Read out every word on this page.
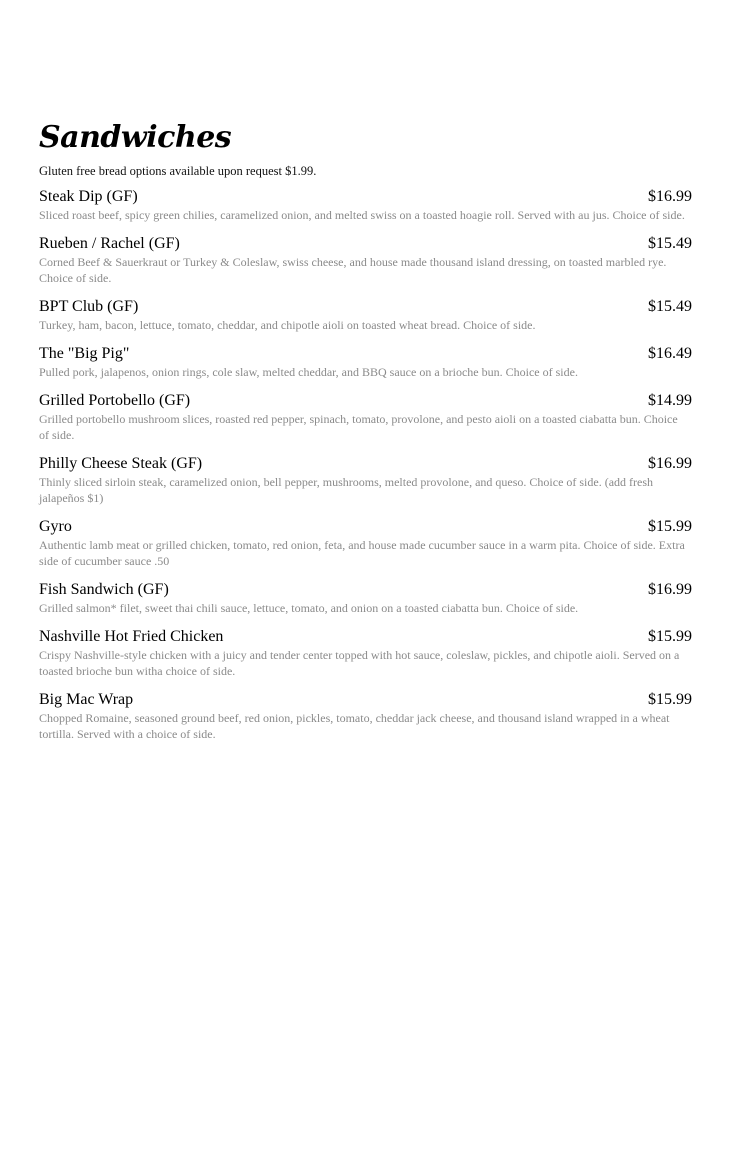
Sandwiches
Gluten free bread options available upon request $1.99.
Steak Dip (GF)	$16.99
Sliced roast beef, spicy green chilies, caramelized onion, and melted swiss on a toasted hoagie roll. Served with au jus. Choice of side.
Rueben / Rachel (GF)	$15.49
Corned Beef & Sauerkraut or Turkey & Coleslaw, swiss cheese, and house made thousand island dressing, on toasted marbled rye. Choice of side.
BPT Club (GF)	$15.49
Turkey, ham, bacon, lettuce, tomato, cheddar, and chipotle aioli on toasted wheat bread. Choice of side.
The "Big Pig"	$16.49
Pulled pork, jalapenos, onion rings, cole slaw, melted cheddar, and BBQ sauce on a brioche bun. Choice of side.
Grilled Portobello (GF)	$14.99
Grilled portobello mushroom slices, roasted red pepper, spinach, tomato, provolone, and pesto aioli on a toasted ciabatta bun. Choice of side.
Philly Cheese Steak (GF)	$16.99
Thinly sliced sirloin steak, caramelized onion, bell pepper, mushrooms, melted provolone, and queso. Choice of side. (add fresh jalapeños $1)
Gyro	$15.99
Authentic lamb meat or grilled chicken, tomato, red onion, feta, and house made cucumber sauce in a warm pita. Choice of side. Extra side of cucumber sauce .50
Fish Sandwich (GF)	$16.99
Grilled salmon* filet, sweet thai chili sauce, lettuce, tomato, and onion on a toasted ciabatta bun. Choice of side.
Nashville Hot Fried Chicken	$15.99
Crispy Nashville-style chicken with a juicy and tender center topped with hot sauce, coleslaw, pickles, and chipotle aioli. Served on a toasted brioche bun witha choice of side.
Big Mac Wrap	$15.99
Chopped Romaine, seasoned ground beef, red onion, pickles, tomato, cheddar jack cheese, and thousand island wrapped in a wheat tortilla. Served with a choice of side.
